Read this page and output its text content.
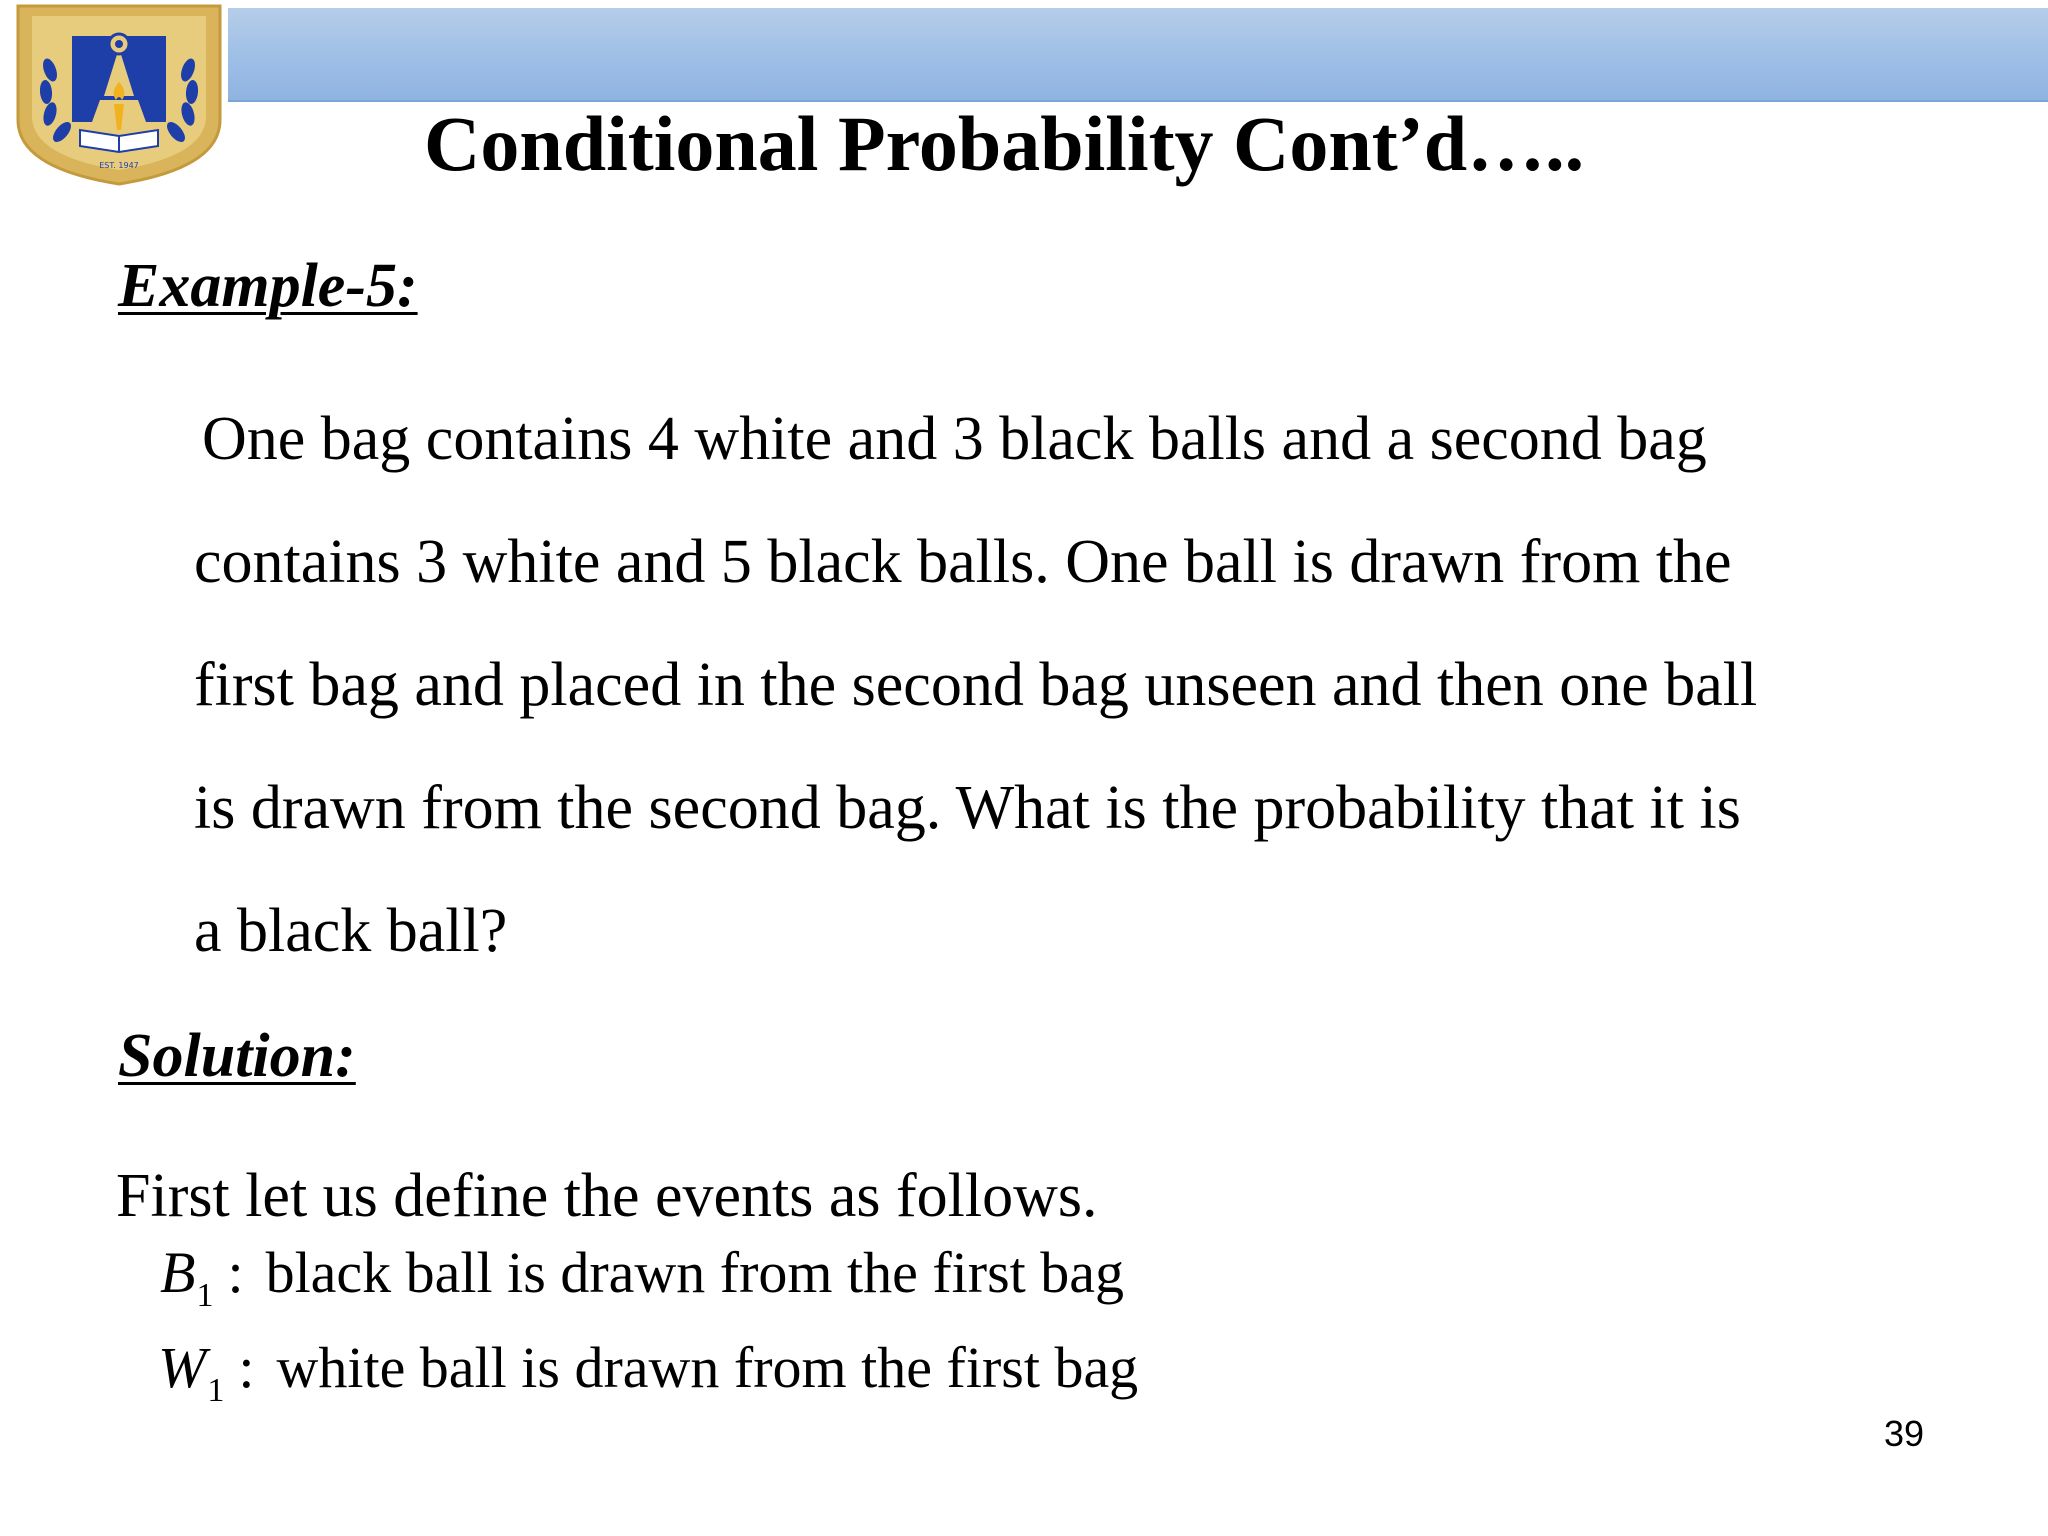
EST. 1947	Conditional Probability Cont’d…..
Example-5:
One bag contains 4 white and 3 black balls and a second bag
contains 3 white and 5 black balls. One ball is drawn from the
first bag and placed in the second bag unseen and then one ball
is drawn from the second bag. What is the probability that it is
a black ball?
Solution:
First let us define the events as follows.
$B_1$ : black ball is drawn from the first bag
$W_1$ : white ball is drawn from the first bag
39
